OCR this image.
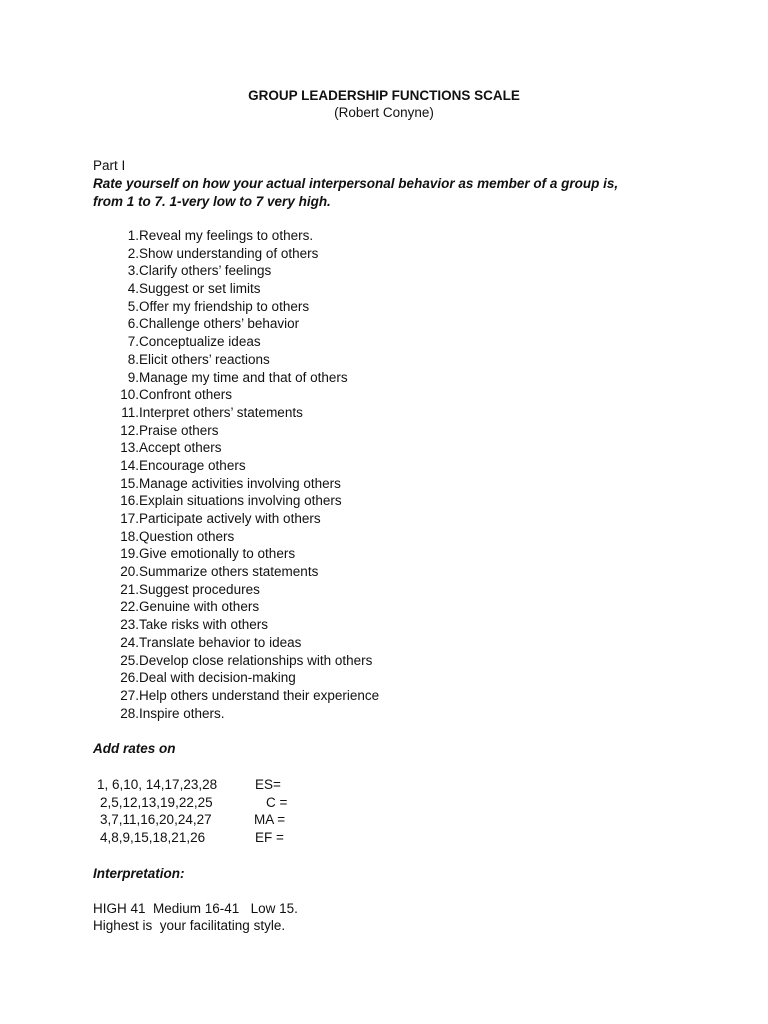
GROUP LEADERSHIP FUNCTIONS SCALE
(Robert Conyne)
Part I
Rate yourself on how your actual interpersonal behavior as member of a group is,
from 1 to 7. 1-very low to 7 very high.
1. Reveal my feelings to others.
2. Show understanding of others
3. Clarify others’ feelings
4. Suggest or set limits
5. Offer my friendship to others
6. Challenge others’ behavior
7. Conceptualize ideas
8. Elicit others’ reactions
9. Manage my time and that of others
10. Confront others
11. Interpret others’ statements
12. Praise others
13. Accept others
14. Encourage others
15. Manage activities involving others
16. Explain situations involving others
17. Participate actively with others
18. Question others
19. Give emotionally to others
20. Summarize others statements
21. Suggest procedures
22. Genuine with others
23. Take risks with others
24. Translate behavior to ideas
25. Develop close relationships with others
26. Deal with decision-making
27. Help others understand their experience
28. Inspire others.
Add rates on
1, 6,10, 14,17,23,28	ES=
2,5,12,13,19,22,25	C =
3,7,11,16,20,24,27	MA =
4,8,9,15,18,21,26	EF =
Interpretation:
HIGH 41  Medium 16-41   Low 15.
Highest is  your facilitating style.
